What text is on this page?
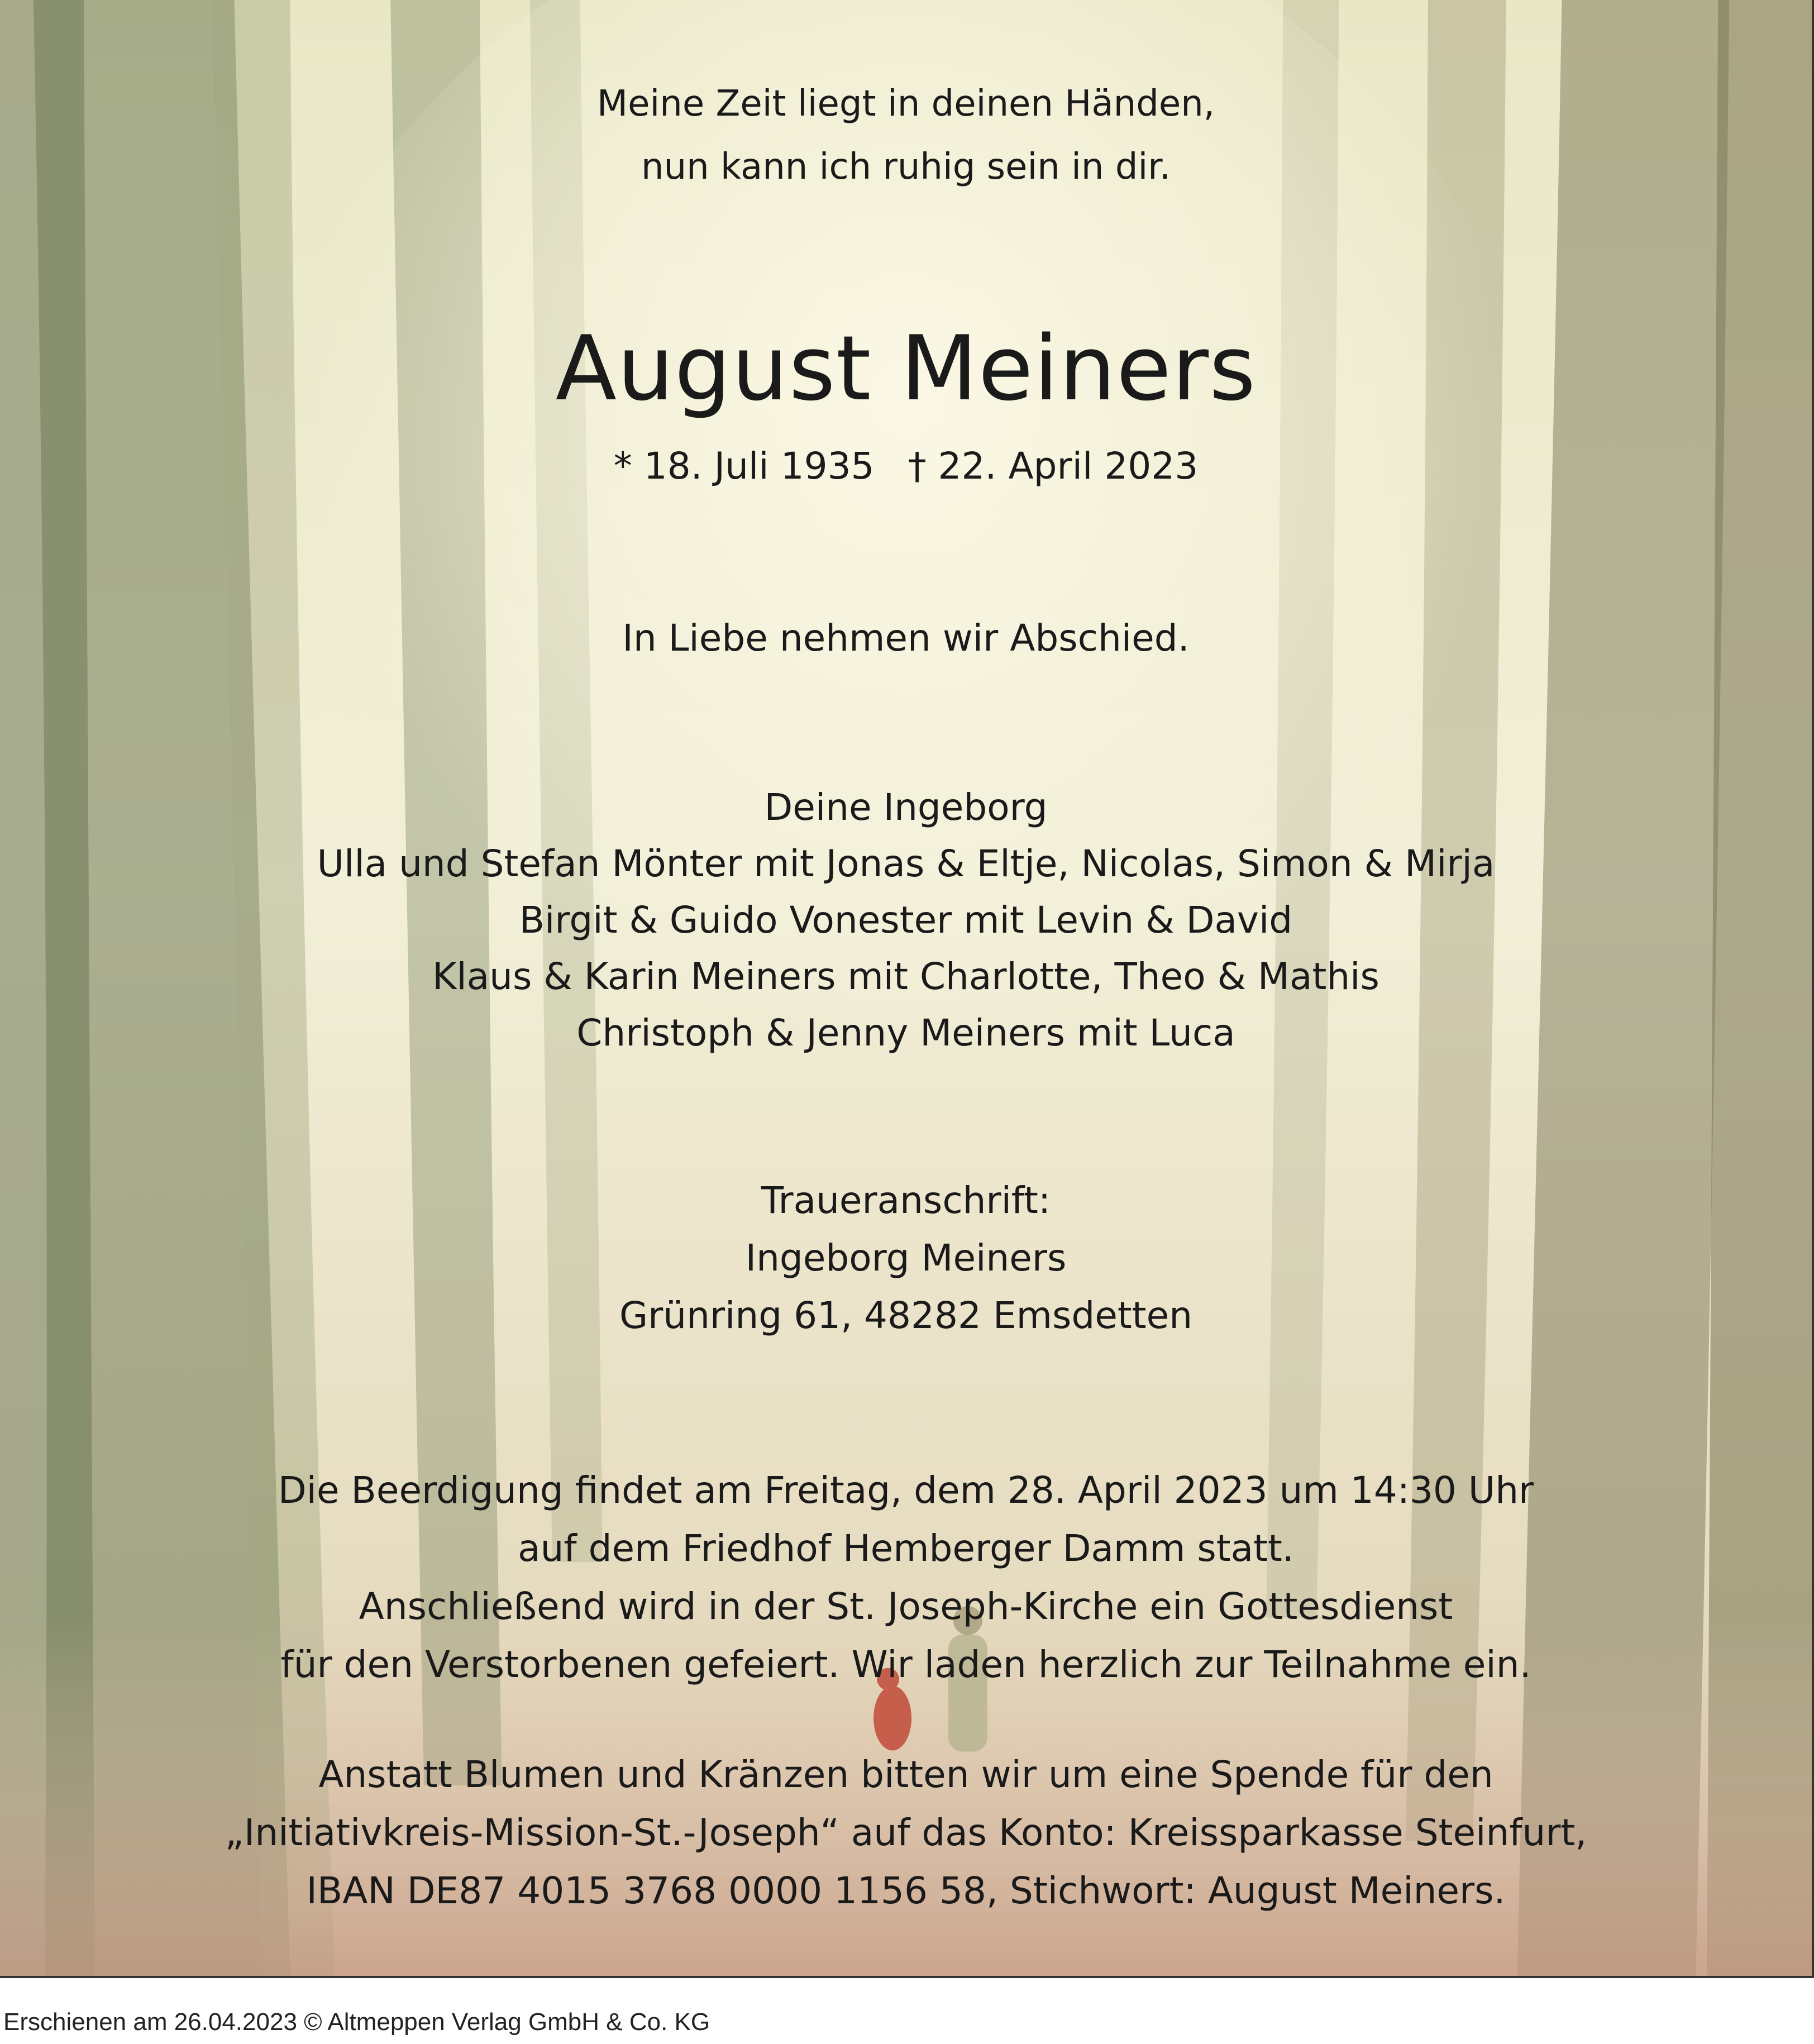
Meine Zeit liegt in deinen Händen,
nun kann ich ruhig sein in dir.
August Meiners
* 18. Juli 1935 † 22. April 2023
In Liebe nehmen wir Abschied.
Deine Ingeborg
Ulla und Stefan Mönter mit Jonas & Eltje, Nicolas, Simon & Mirja
Birgit & Guido Vonester mit Levin & David
Klaus & Karin Meiners mit Charlotte, Theo & Mathis
Christoph & Jenny Meiners mit Luca
Traueranschrift:
Ingeborg Meiners
Grünring 61, 48282 Emsdetten
Die Beerdigung findet am Freitag, dem 28. April 2023 um 14:30 Uhr
auf dem Friedhof Hemberger Damm statt.
Anschließend wird in der St. Joseph-Kirche ein Gottesdienst
für den Verstorbenen gefeiert. Wir laden herzlich zur Teilnahme ein.
Anstatt Blumen und Kränzen bitten wir um eine Spende für den
„Initiativkreis-Mission-St.-Joseph“ auf das Konto: Kreissparkasse Steinfurt,
IBAN DE87 4015 3768 0000 1156 58, Stichwort: August Meiners.
Erschienen am 26.04.2023 © Altmeppen Verlag GmbH & Co. KG
